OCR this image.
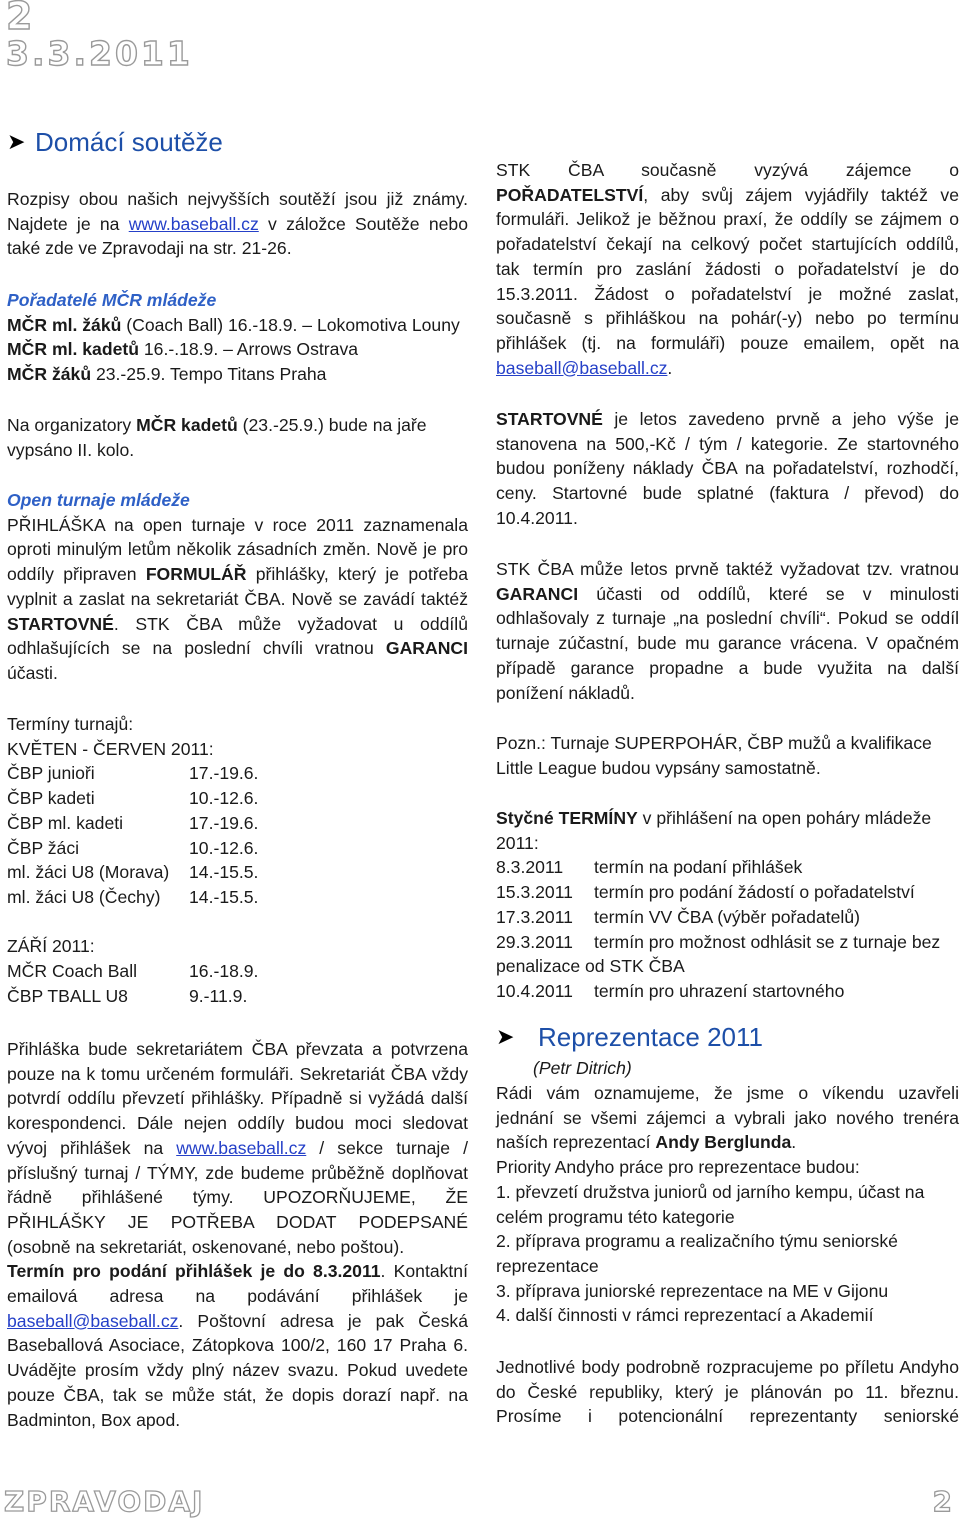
2
3.3.2011
➤ Domácí soutěže

Rozpisy obou našich nejvyšších soutěží jsou již známy.

Najdete je na www.baseball.cz v záložce Soutěže nebo

také zde ve Zpravodaji na str. 21-26.

Pořadatelé MČR mládeže

MČR ml. žáků (Coach Ball) 16.-18.9. – Lokomotiva Louny

MČR ml. kadetů 16.-.18.9. – Arrows Ostrava

MČR žáků 23.-25.9. Tempo Titans Praha

Na organizatory MČR kadetů (23.-25.9.) bude na jaře

vypsáno II. kolo.

Open turnaje mládeže

PŘIHLÁŠKA na open turnaje v roce 2011 zaznamenala

oproti minulým letům několik zásadních změn. Nově je pro

oddíly připraven FORMULÁŘ přihlášky, který je potřeba

vyplnit a zaslat na sekretariát ČBA. Nově se zavádí taktéž

STARTOVNÉ. STK ČBA může vyžadovat u oddílů

odhlašujících se na poslední chvíli vratnou GARANCI

účasti.

Termíny turnajů:

KVĚTEN - ČERVEN 2011:

ČBP junioři	17.-19.6.
ČBP kadeti	10.-12.6.
ČBP ml. kadeti	17.-19.6.
ČBP žáci	10.-12.6.
ml. žáci U8 (Morava)	14.-15.5.
ml. žáci U8 (Čechy)	14.-15.5.

ZÁŘÍ 2011:

MČR Coach Ball	16.-18.9.
ČBP TBALL U8	9.-11.9.

Přihláška bude sekretariátem ČBA převzata a potvrzena

pouze na k tomu určeném formuláři. Sekretariát ČBA vždy

potvrdí oddílu převzetí přihlášky. Případně si vyžádá další

korespondenci. Dále nejen oddíly budou moci sledovat

vývoj přihlášek na www.baseball.cz / sekce turnaje /

příslušný turnaj / TÝMY, zde budeme průběžně doplňovat

řádně přihlášené týmy. UPOZORŇUJEME, ŽE

PŘIHLÁŠKY JE POTŘEBA DODAT PODEPSANÉ

(osobně na sekretariát, oskenované, nebo poštou).

Termín pro podání přihlášek je do 8.3.2011. Kontaktní

emailová adresa na podávání přihlášek je

baseball@baseball.cz. Poštovní adresa je pak Česká

Baseballová Asociace, Zátopkova 100/2, 160 17 Praha 6.

Uvádějte prosím vždy plný název svazu. Pokud uvedete

pouze ČBA, tak se může stát, že dopis dorazí např. na

Badminton, Box apod.

STK ČBA současně vyzývá zájemce o

POŘADATELSTVÍ, aby svůj zájem vyjádřily taktéž ve

formuláři. Jelikož je běžnou praxí, že oddíly se zájmem o

pořadatelství čekají na celkový počet startujících oddílů,

tak termín pro zaslání žádosti o pořadatelství je do

15.3.2011. Žádost o pořadatelství je možné zaslat,

současně s přihláškou na pohár(-y) nebo po termínu

přihlášek (tj. na formuláři) pouze emailem, opět na

baseball@baseball.cz.

STARTOVNÉ je letos zavedeno prvně a jeho výše je

stanovena na 500,-Kč / tým / kategorie. Ze startovného

budou poníženy náklady ČBA na pořadatelství, rozhodčí,

ceny. Startovné bude splatné (faktura / převod) do

10.4.2011.

STK ČBA může letos prvně taktéž vyžadovat tzv. vratnou

GARANCI účasti od oddílů, které se v minulosti

odhlašovaly z turnaje „na poslední chvíli“. Pokud se oddíl

turnaje zúčastní, bude mu garance vrácena. V opačném

případě garance propadne a bude využita na další

ponížení nákladů.

Pozn.: Turnaje SUPERPOHÁR, ČBP mužů a kvalifikace

Little League budou vypsány samostatně.

Styčné TERMÍNY v přihlášení na open poháry mládeže

2011:

8.3.2011	termín na podaní přihlášek
15.3.2011	termín pro podání žádostí o pořadatelství
17.3.2011	termín VV ČBA (výběr pořadatelů)
29.3.2011	termín pro možnost odhlásit se z turnaje bez
penalizace od STK ČBA	
10.4.2011	termín pro uhrazení startovného
➤ Reprezentace 2011
(Petr Ditrich)

Rádi vám oznamujeme, že jsme o víkendu uzavřeli

jednání se všemi zájemci a vybrali jako nového trenéra

naších reprezentací Andy Berglunda.

Priority Andyho práce pro reprezentace budou:

1. převzetí družstva juniorů od jarního kempu, účast na

celém programu této kategorie

2. příprava programu a realizačního týmu seniorské

reprezentace

3. příprava juniorské reprezentace na ME v Gijonu

4. další činnosti v rámci reprezentací a Akademií

Jednotlivé body podrobně rozpracujeme po příletu Andyho

do České republiky, který je plánován po 11. březnu.

Prosíme i potencionální reprezentanty seniorské

ZPRAVODAJ	2
